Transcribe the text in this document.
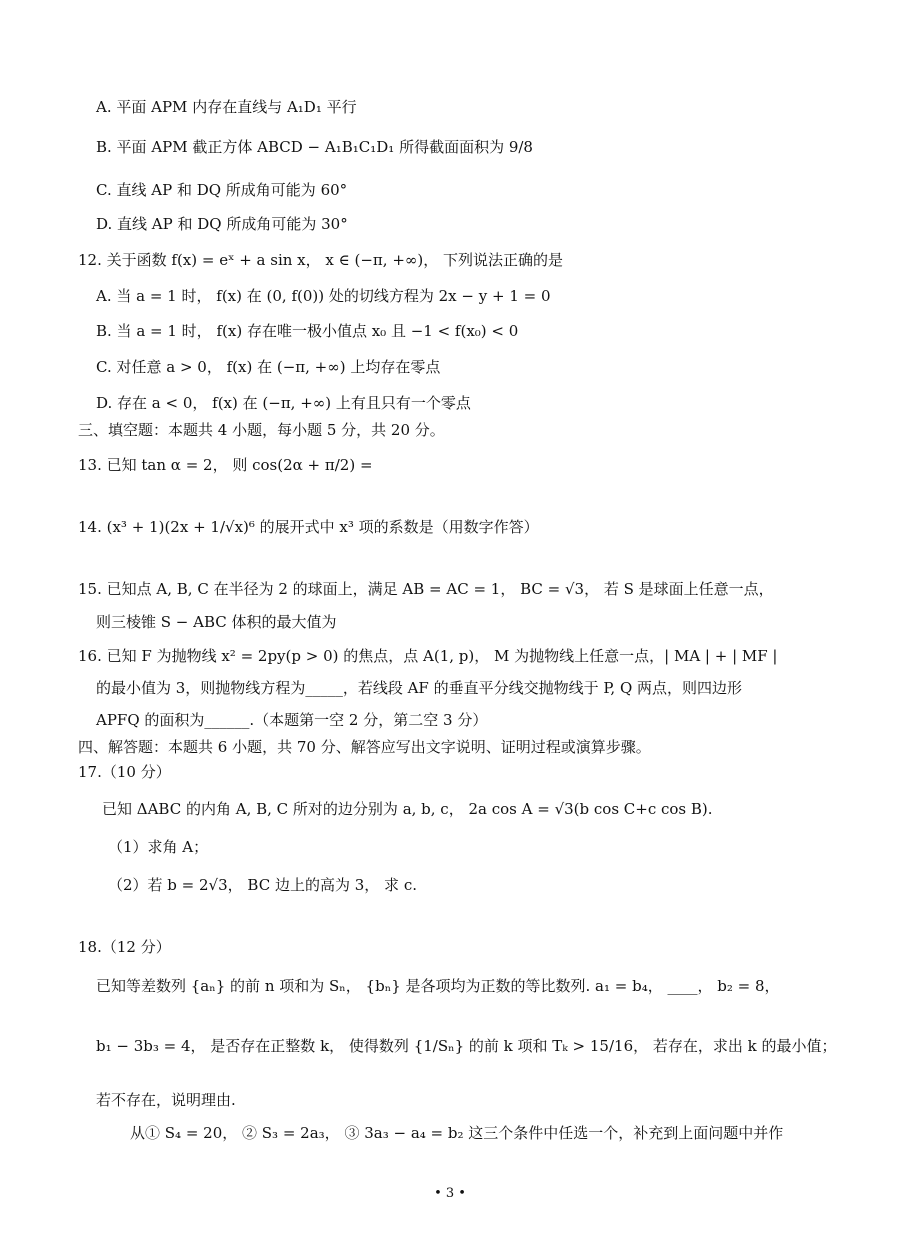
A. 平面 APM 内存在直线与 A₁D₁ 平行
B. 平面 APM 截正方体 ABCD − A₁B₁C₁D₁ 所得截面面积为 9/8
C. 直线 AP 和 DQ 所成角可能为 60°
D. 直线 AP 和 DQ 所成角可能为 30°
12. 关于函数 f(x) = eˣ + a sin x， x ∈ (−π, +∞)， 下列说法正确的是
A. 当 a = 1 时， f(x) 在 (0, f(0)) 处的切线方程为 2x − y + 1 = 0
B. 当 a = 1 时， f(x) 存在唯一极小值点 x₀ 且 −1 < f(x₀) < 0
C. 对任意 a > 0， f(x) 在 (−π, +∞) 上均存在零点
D. 存在 a < 0， f(x) 在 (−π, +∞) 上有且只有一个零点
三、填空题：本题共 4 小题，每小题 5 分，共 20 分。
13. 已知 tan α = 2， 则 cos(2α + π/2) =
14. (x³ + 1)(2x + 1/√x)⁶ 的展开式中 x³ 项的系数是（用数字作答）
15. 已知点 A, B, C 在半径为 2 的球面上，满足 AB = AC = 1， BC = √3， 若 S 是球面上任意一点，
则三棱锥 S − ABC 体积的最大值为
16. 已知 F 为抛物线 x² = 2py(p > 0) 的焦点，点 A(1, p)， M 为抛物线上任意一点，| MA | + | MF |
的最小值为 3，则抛物线方程为_____，若线段 AF 的垂直平分线交抛物线于 P, Q 两点，则四边形
APFQ 的面积为______.（本题第一空 2 分，第二空 3 分）
四、解答题：本题共 6 小题，共 70 分、解答应写出文字说明、证明过程或演算步骤。
17.（10 分）
已知 ΔABC 的内角 A, B, C 所对的边分别为 a, b, c， 2a cos A = √3(b cos C+c cos B).
（1）求角 A；
（2）若 b = 2√3， BC 边上的高为 3， 求 c.
18.（12 分）
已知等差数列 {aₙ} 的前 n 项和为 Sₙ， {bₙ} 是各项均为正数的等比数列. a₁ = b₄， ____， b₂ = 8，
b₁ − 3b₃ = 4， 是否存在正整数 k， 使得数列 {1/Sₙ} 的前 k 项和 Tₖ > 15/16， 若存在，求出 k 的最小值；
若不存在，说明理由.
从① S₄ = 20， ② S₃ = 2a₃， ③ 3a₃ − a₄ = b₂ 这三个条件中任选一个，补充到上面问题中并作
• 3 •
